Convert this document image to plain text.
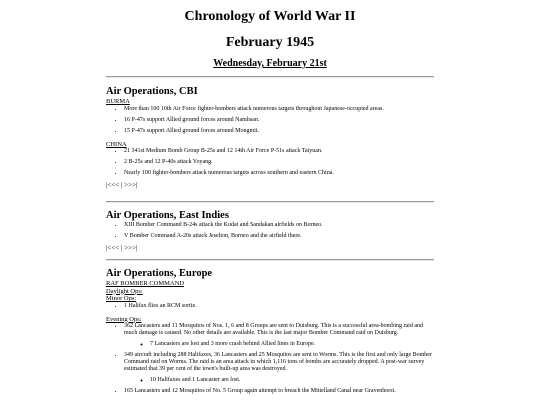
Chronology of World War II
February 1945
Wednesday, February 21st
Air Operations, CBI
BURMA
• More than 100 10th Air Force fighter-bombers attack numerous targets throughout Japanese-occupied areas.
• 16 P-47s support Allied ground forces around Namhsan.
• 15 P-47s support Allied ground forces around Mongmit.
CHINA
• 21 341st Medium Bomb Group B-25s and 12 14th Air Force P-51s attack Taiyuan.
• 2 B-25s and 12 P-40s attack Yoyang.
• Nearly 100 fighter-bombers attack numerous targets across southern and eastern China.
|<<< | >>>|
Air Operations, East Indies
• XIII Bomber Command B-24s attack the Kudat and Sandakan airfields on Borneo.
• V Bomber Command A-20s attack Jeselton, Borneo and the airfield there.
|<<< | >>>|
Air Operations, Europe

RAF BOMBER COMMAND

Daylight Ops:

Minor Ops:

• 1 Halifax flies an RCM sortie.

Evening Ops:

• 362 Lancasters and 11 Mosquitos of Nos. 1, 6 and 8 Groups are sent to Duisburg. This is a successful area-bombing raid and much damage is caused. No other details are available. This is the last major Bomber Command raid on Duisburg.
◦ 7 Lancasters are lost and 3 more crash behind Allied lines in Europe.
• 349 aircraft including 288 Halifaxes, 36 Lancasters and 25 Mosquitos are sent to Worms. This is the first and only large Bomber Command raid on Worms. The raid is an area attack in which 1,116 tons of bombs are accurately dropped. A post-war survey estimated that 39 per cent of the town's built-up area was destroyed.
◦ 10 Halifaxes and 1 Lancaster are lost.
• 165 Lancasters and 12 Mosquitos of No. 5 Group again attempt to breach the Mittelland Canal near Gravenhorst.
